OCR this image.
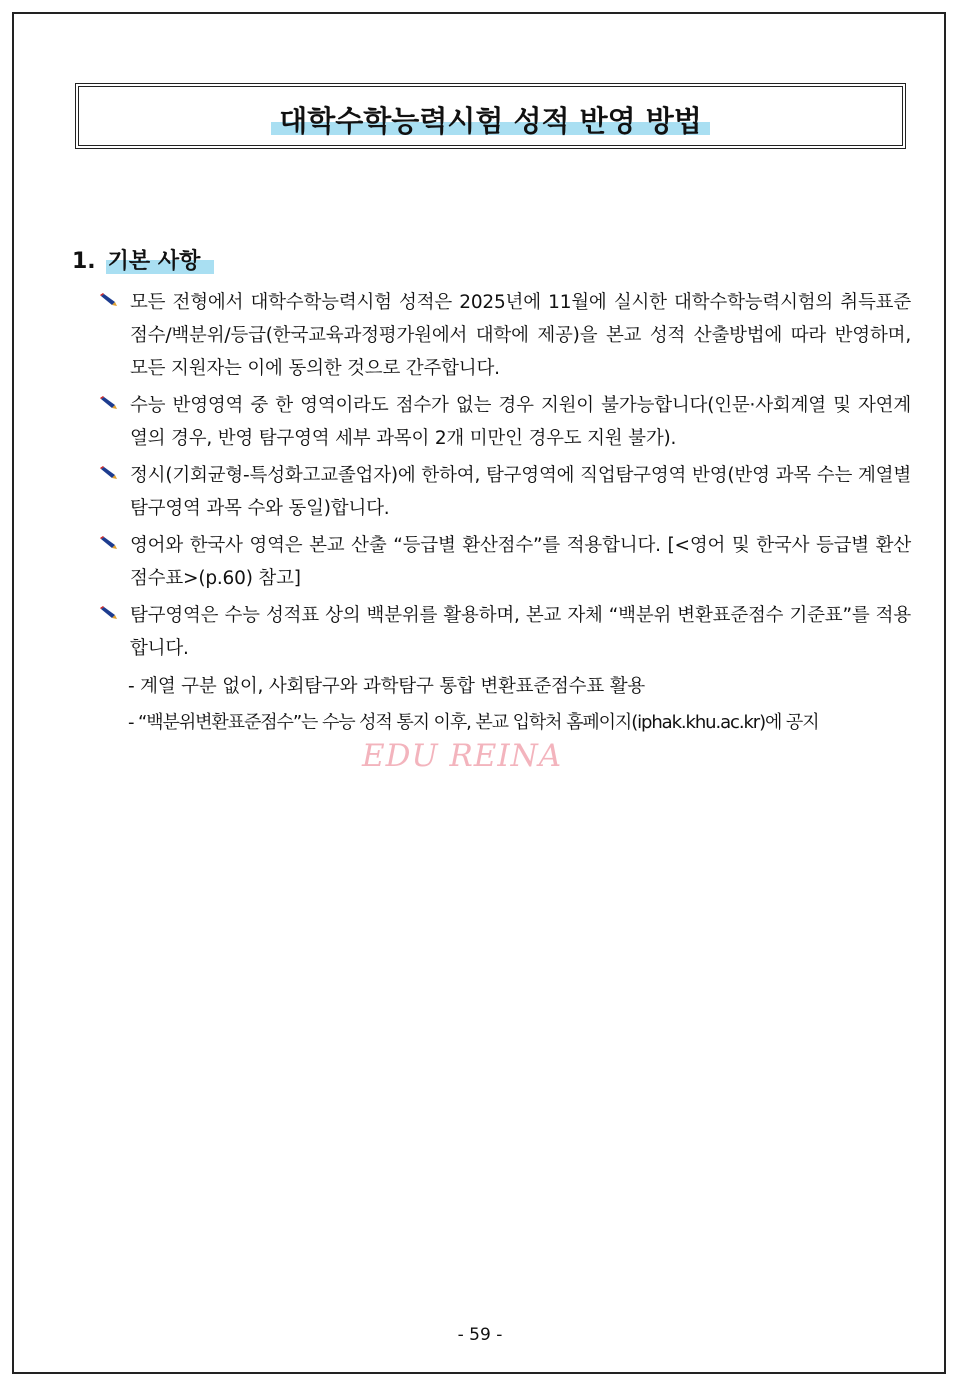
대학수학능력시험 성적 반영 방법
1. 기본 사항
모든 전형에서 대학수학능력시험 성적은 2025년에 11월에 실시한 대학수학능력시험의 취득표준점수/백분위/등급(한국교육과정평가원에서 대학에 제공)을 본교 성적 산출방법에 따라 반영하며, 모든 지원자는 이에 동의한 것으로 간주합니다.
수능 반영영역 중 한 영역이라도 점수가 없는 경우 지원이 불가능합니다(인문·사회계열 및 자연계열의 경우, 반영 탐구영역 세부 과목이 2개 미만인 경우도 지원 불가).
정시(기회균형-특성화고교졸업자)에 한하여, 탐구영역에 직업탐구영역 반영(반영 과목 수는 계열별 탐구영역 과목 수와 동일)합니다.
영어와 한국사 영역은 본교 산출 “등급별 환산점수”를 적용합니다. [<영어 및 한국사 등급별 환산점수표>(p.60) 참고]
탐구영역은 수능 성적표 상의 백분위를 활용하며, 본교 자체 “백분위 변환표준점수 기준표”를 적용합니다.
- 계열 구분 없이, 사회탐구와 과학탐구 통합 변환표준점수표 활용
- “백분위변환표준점수”는 수능 성적 통지 이후, 본교 입학처 홈페이지(iphak.khu.ac.kr)에 공지
EDU REINA
- 59 -
